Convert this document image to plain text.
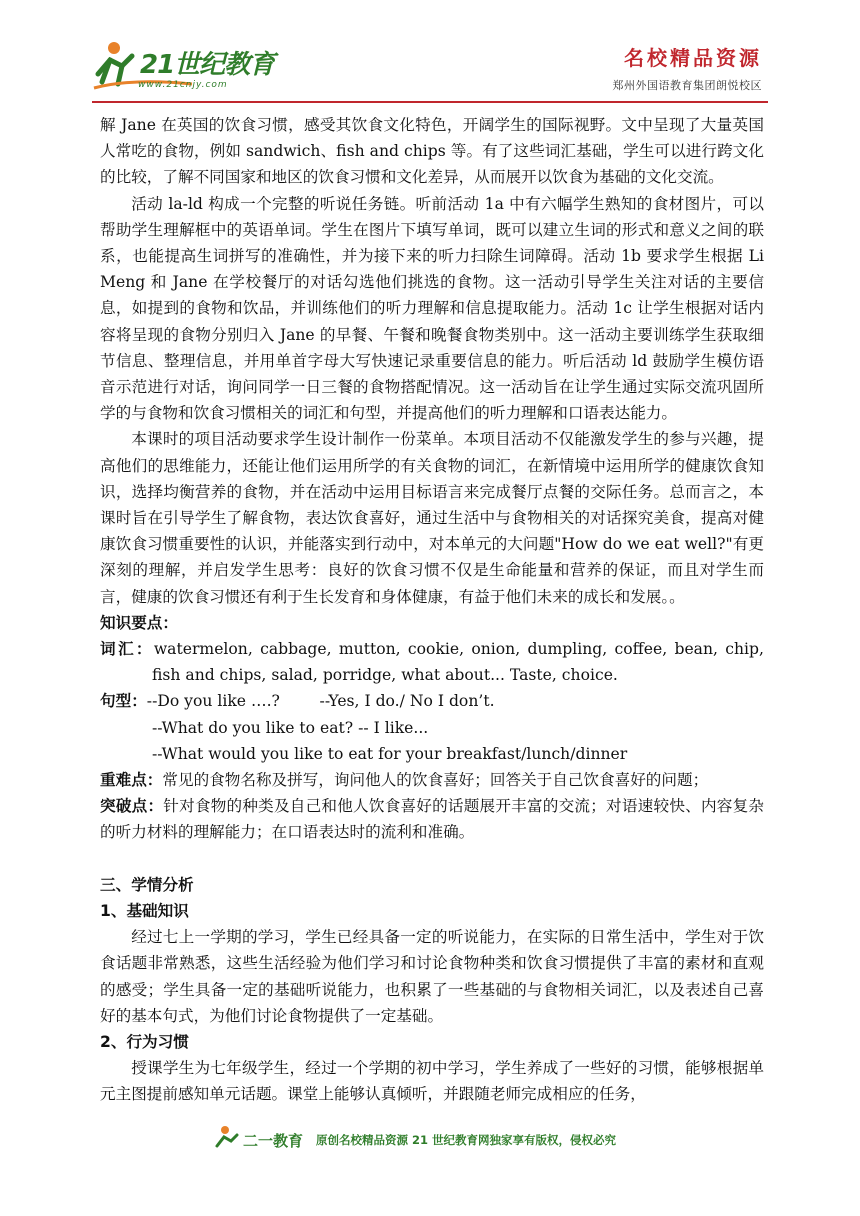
21世纪教育
www.21cnjy.com
名校精品资源
郑州外国语教育集团朗悦校区

解 Jane 在英国的饮食习惯，感受其饮食文化特色，开阔学生的国际视野。文中呈现了大量英国人常吃的食物，例如 sandwich、fish and chips 等。有了这些词汇基础，学生可以进行跨文化的比较，了解不同国家和地区的饮食习惯和文化差异，从而展开以饮食为基础的文化交流。

活动 la-ld 构成一个完整的听说任务链。听前活动 1a 中有六幅学生熟知的食材图片，可以帮助学生理解框中的英语单词。学生在图片下填写单词，既可以建立生词的形式和意义之间的联系，也能提高生词拼写的准确性，并为接下来的听力扫除生词障碍。活动 1b 要求学生根据 Li Meng 和 Jane 在学校餐厅的对话勾选他们挑选的食物。这一活动引导学生关注对话的主要信息，如提到的食物和饮品，并训练他们的听力理解和信息提取能力。活动 1c 让学生根据对话内容将呈现的食物分别归入 Jane 的早餐、午餐和晚餐食物类别中。这一活动主要训练学生获取细节信息、整理信息，并用单首字母大写快速记录重要信息的能力。听后活动 ld 鼓励学生模仿语音示范进行对话，询问同学一日三餐的食物搭配情况。这一活动旨在让学生通过实际交流巩固所学的与食物和饮食习惯相关的词汇和句型，并提高他们的听力理解和口语表达能力。

本课时的项目活动要求学生设计制作一份菜单。本项目活动不仅能激发学生的参与兴趣，提高他们的思维能力，还能让他们运用所学的有关食物的词汇，在新情境中运用所学的健康饮食知识，选择均衡营养的食物，并在活动中运用目标语言来完成餐厅点餐的交际任务。总而言之，本课时旨在引导学生了解食物，表达饮食喜好，通过生活中与食物相关的对话探究美食，提高对健康饮食习惯重要性的认识，并能落实到行动中，对本单元的大问题"How do we eat well?"有更深刻的理解，并启发学生思考：良好的饮食习惯不仅是生命能量和营养的保证，而且对学生而言，健康的饮食习惯还有利于生长发育和身体健康，有益于他们未来的成长和发展。。

知识要点：

词汇：watermelon, cabbage, mutton, cookie, onion, dumpling, coffee, bean, chip, fish and chips, salad, porridge, what about... Taste, choice.

句型：--Do you like ….?        --Yes, I do./ No I don’t.

--What do you like to eat? -- I like...

--What would you like to eat for your breakfast/lunch/dinner

重难点：常见的食物名称及拼写，询问他人的饮食喜好；回答关于自己饮食喜好的问题；

突破点：针对食物的种类及自己和他人饮食喜好的话题展开丰富的交流；对语速较快、内容复杂的听力材料的理解能力；在口语表达时的流利和准确。

三、学情分析

1、基础知识

经过七上一学期的学习，学生已经具备一定的听说能力，在实际的日常生活中，学生对于饮食话题非常熟悉，这些生活经验为他们学习和讨论食物种类和饮食习惯提供了丰富的素材和直观的感受；学生具备一定的基础听说能力，也积累了一些基础的与食物相关词汇，以及表述自己喜好的基本句式，为他们讨论食物提供了一定基础。

2、行为习惯

授课学生为七年级学生，经过一个学期的初中学习，学生养成了一些好的习惯，能够根据单元主图提前感知单元话题。课堂上能够认真倾听，并跟随老师完成相应的任务，

二一教育 原创名校精品资源 21 世纪教育网独家享有版权，侵权必究
